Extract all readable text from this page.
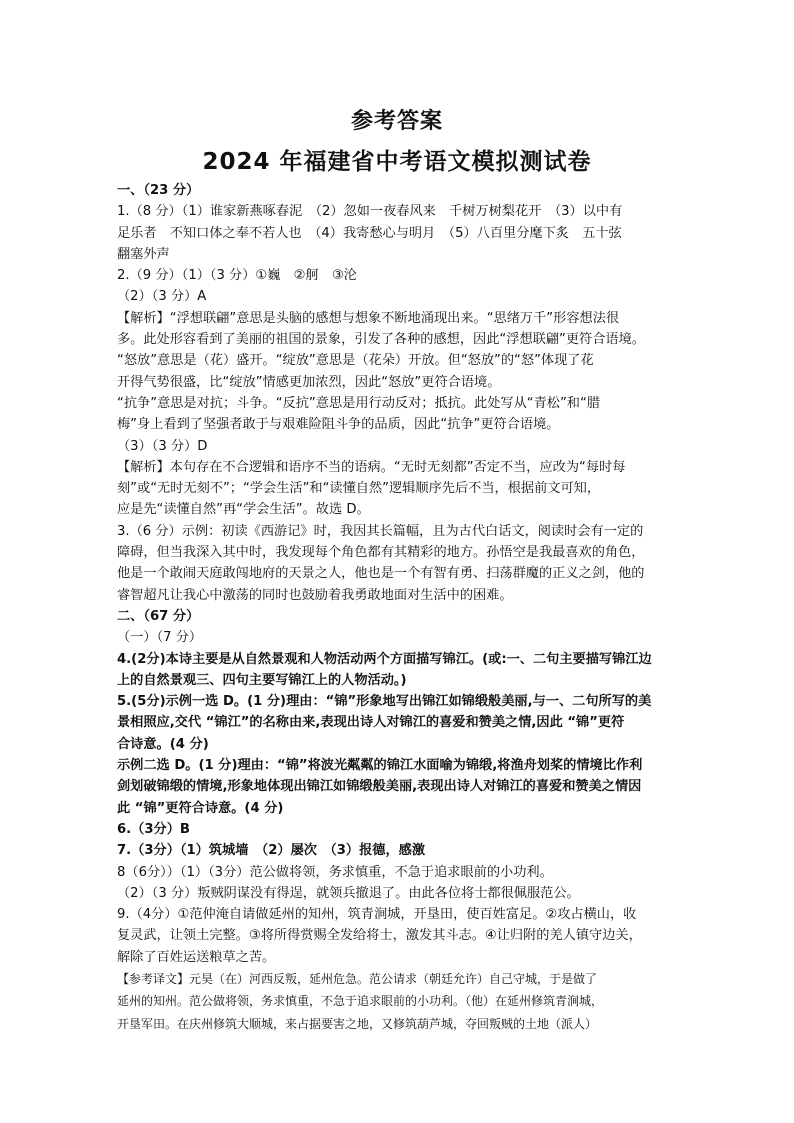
参考答案
2024 年福建省中考语文模拟测试卷
一、（23 分）
1.（8 分）（1）谁家新燕啄春泥　（2）忽如一夜春风来　千树万树梨花开　（3）以中有
足乐者　不知口体之奉不若人也　（4）我寄愁心与明月　（5）八百里分麾下炙　五十弦
翻塞外声
2.（9 分）（1）（3 分）①巍　②舸　③沦
（2）（3 分）A
【解析】“浮想联翩”意思是头脑的感想与想象不断地涌现出来。“思绪万千”形容想法很
多。此处形容看到了美丽的祖国的景象，引发了各种的感想，因此“浮想联翩”更符合语境。
“怒放”意思是（花）盛开。“绽放”意思是（花朵）开放。但“怒放”的“怒”体现了花
开得气势很盛，比“绽放”情感更加浓烈，因此“怒放”更符合语境。
“抗争”意思是对抗；斗争。“反抗”意思是用行动反对；抵抗。此处写从“青松”和“腊
梅”身上看到了坚强者敢于与艰难险阻斗争的品质，因此“抗争”更符合语境。
（3）（3 分）D
【解析】本句存在不合逻辑和语序不当的语病。“无时无刻都”否定不当，应改为“每时每
刻”或“无时无刻不”；“学会生活”和“读懂自然”逻辑顺序先后不当，根据前文可知，
应是先“读懂自然”再“学会生活”。故选 D。
3.（6 分）示例：初读《西游记》时，我因其长篇幅，且为古代白话文，阅读时会有一定的
障碍，但当我深入其中时，我发现每个角色都有其精彩的地方。孙悟空是我最喜欢的角色，
他是一个敢闹天庭敢闯地府的天景之人，他也是一个有智有勇、扫荡群魔的正义之剑，他的
睿智超凡让我心中激荡的同时也鼓励着我勇敢地面对生活中的困难。
二、（67 分）
（一）（7 分）
4.(2分)本诗主要是从自然景观和人物活动两个方面描写锦江。(或:一、二句主要描写锦江边
上的自然景观三、四句主要写锦江上的人物活动。)
5.(5分)示例一选 D。(1 分)理由：“锦”形象地写出锦江如锦缎般美丽,与一、二句所写的美
景相照应,交代 “锦江”的名称由来,表现出诗人对锦江的喜爱和赞美之情,因此 “锦”更符
合诗意。(4 分)
示例二选 D。(1 分)理由：“锦”将波光粼粼的锦江水面喻为锦缎,将渔舟划桨的情境比作利
剑划破锦缎的情境,形象地体现出锦江如锦缎般美丽,表现出诗人对锦江的喜爱和赞美之情因
此 “锦”更符合诗意。(4 分)
6.（3分）B
7.（3分）（1）筑城墙　（2）屡次　（3）报德，感激
8（6分））（1）（3分）范公做将领，务求慎重，不急于追求眼前的小功利。
（2）（3 分）叛贼阴谋没有得逞，就领兵撤退了。由此各位将士都很佩服范公。
9.（4分）①范仲淹自请做延州的知州，筑青涧城，开垦田，使百姓富足。②攻占横山，收
复灵武，让领土完整。③将所得赏赐全发给将士，激发其斗志。④让归附的羌人镇守边关，
解除了百姓运送粮草之苦。
【参考译文】元昊（在）河西反叛，延州危急。范公请求（朝廷允许）自己守城，于是做了
延州的知州。范公做将领，务求慎重，不急于追求眼前的小功利。（他）在延州修筑青涧城，
开垦军田。在庆州修筑大顺城，来占据要害之地，又修筑葫芦城，夺回叛贼的土地（派人）
